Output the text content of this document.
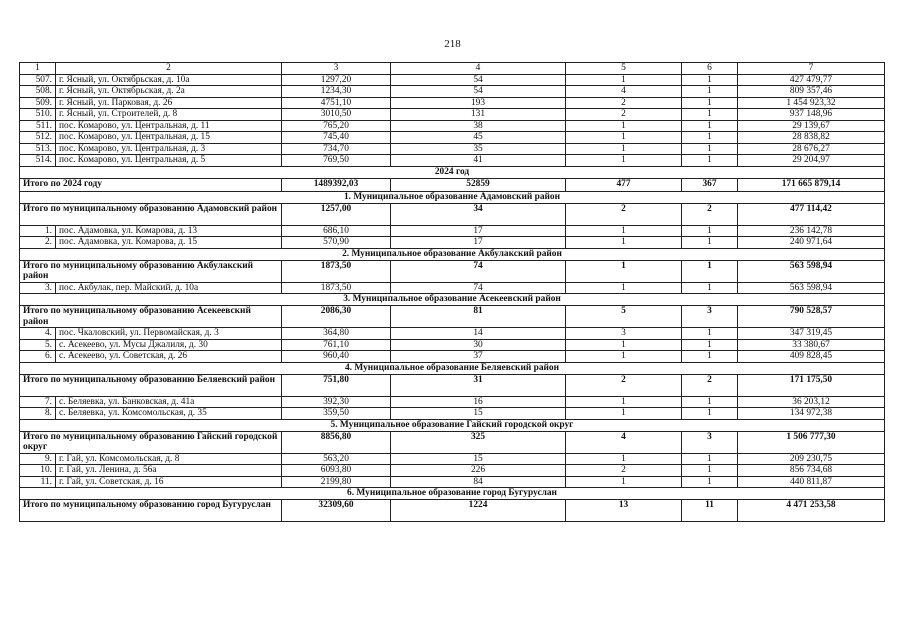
218
1	2	3	4	5	6	7
507.	г. Ясный, ул. Октябрьская, д. 10а	1297,20	54	1	1	427 479,77
508.	г. Ясный, ул. Октябрьская, д. 2а	1234,30	54	4	1	809 357,46
509.	г. Ясный, ул. Парковая, д. 26	4751,10	193	2	1	1 454 923,32
510.	г. Ясный, ул. Строителей, д. 8	3010,50	131	2	1	937 148,96
511.	пос. Комарово, ул. Центральная, д. 11	765,20	38	1	1	29 139,67
512.	пос. Комарово, ул. Центральная, д. 15	745,40	45	1	1	28 838,82
513.	пос. Комарово, ул. Центральная, д. 3	734,70	35	1	1	28 676,27
514.	пос. Комарово, ул. Центральная, д. 5	769,50	41	1	1	29 204,97
2024 год						
Итого по 2024 году		1489392,03	52859	477	367	171 665 879,14
1. Муниципальное образование Адамовский район						
Итого по муниципальному образованию Адамовский район		1257,00	34	2	2	477 114,42
1.	пос. Адамовка, ул. Комарова, д. 13	686,10	17	1	1	236 142,78
2.	пос. Адамовка, ул. Комарова, д. 15	570,90	17	1	1	240 971,64
2. Муниципальное образование Акбулакский район						
Итого по муниципальному образованию Акбулакский район		1873,50	74	1	1	563 598,94
3.	пос. Акбулак, пер. Майский, д. 10а	1873,50	74	1	1	563 598,94
3. Муниципальное образование Асекеевский район						
Итого по муниципальному образованию Асекеевский район		2086,30	81	5	3	790 528,57
4.	пос. Чкаловский, ул. Первомайская, д. 3	364,80	14	3	1	347 319,45
5.	с. Асекеево, ул. Мусы Джалиля, д. 30	761,10	30	1	1	33 380,67
6.	с. Асекеево, ул. Советская, д. 26	960,40	37	1	1	409 828,45
4. Муниципальное образование Беляевский район						
Итого по муниципальному образованию Беляевский район		751,80	31	2	2	171 175,50
7.	с. Беляевка, ул. Банковская, д. 41а	392,30	16	1	1	36 203,12
8.	с. Беляевка, ул. Комсомольская, д. 35	359,50	15	1	1	134 972,38
5. Муниципальное образование Гайский городской округ						
Итого по муниципальному образованию Гайский городской округ		8856,80	325	4	3	1 506 777,30
9.	г. Гай, ул. Комсомольская, д. 8	563,20	15	1	1	209 230,75
10.	г. Гай, ул. Ленина, д. 56а	6093,80	226	2	1	856 734,68
11.	г. Гай, ул. Советская, д. 16	2199,80	84	1	1	440 811,87
6. Муниципальное образование город Бугуруслан						
Итого по муниципальному образованию город Бугуруслан		32309,60	1224	13	11	4 471 253,58
